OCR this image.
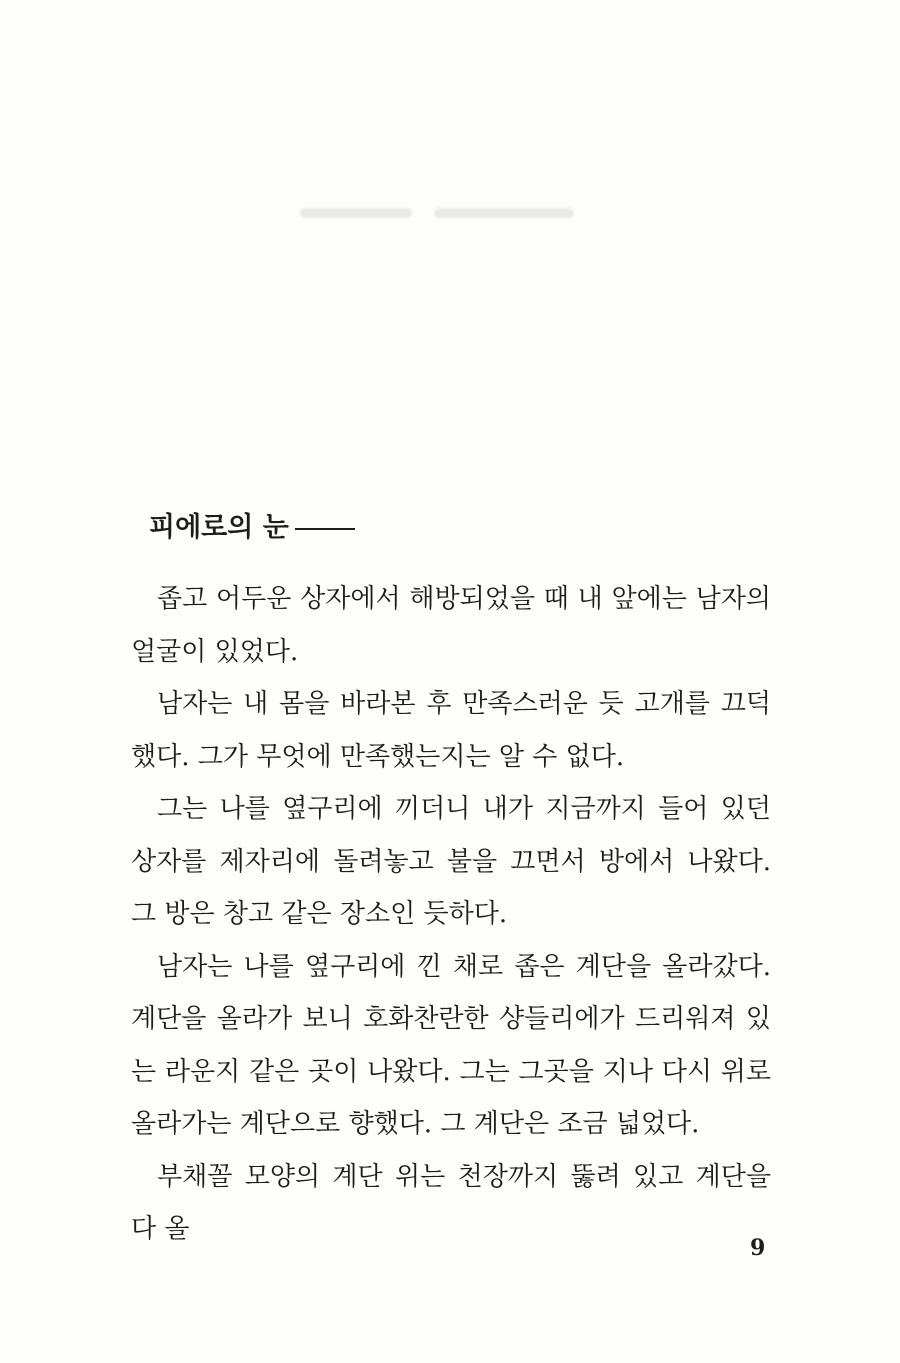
피에로의 눈

좁고 어두운 상자에서 해방되었을 때 내 앞에는 남자의 얼굴이 있었다.

남자는 내 몸을 바라본 후 만족스러운 듯 고개를 끄덕했다. 그가 무엇에 만족했는지는 알 수 없다.

그는 나를 옆구리에 끼더니 내가 지금까지 들어 있던 상자를 제자리에 돌려놓고 불을 끄면서 방에서 나왔다. 그 방은 창고 같은 장소인 듯하다.

남자는 나를 옆구리에 낀 채로 좁은 계단을 올라갔다. 계단을 올라가 보니 호화찬란한 샹들리에가 드리워져 있는 라운지 같은 곳이 나왔다. 그는 그곳을 지나 다시 위로 올라가는 계단으로 향했다. 그 계단은 조금 넓었다.

부채꼴 모양의 계단 위는 천장까지 뚫려 있고 계단을 다 올

9
